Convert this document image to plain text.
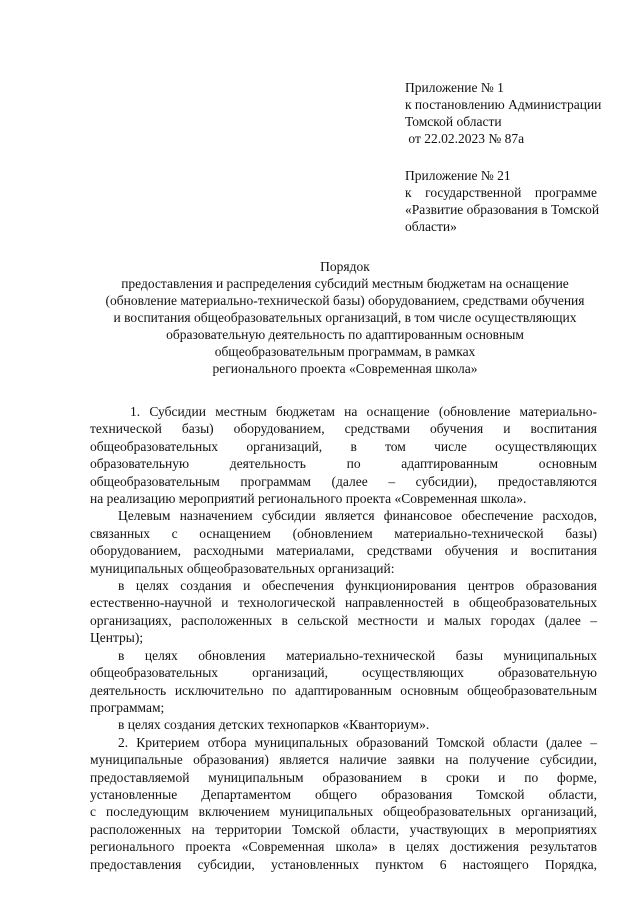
Приложение № 1
к постановлению Администрации
Томской области
от 22.02.2023 № 87а
Приложение № 21
к государственной программе
«Развитие образования в Томской
области»
Порядок
предоставления и распределения субсидий местным бюджетам на оснащение
(обновление материально-технической базы) оборудованием, средствами обучения
и воспитания общеобразовательных организаций, в том числе осуществляющих
образовательную деятельность по адаптированным основным
общеобразовательным программам, в рамках
регионального проекта «Современная школа»
1. Субсидии местным бюджетам на оснащение (обновление материально-
технической базы) оборудованием, средствами обучения и воспитания
общеобразовательных организаций, в том числе осуществляющих
образовательную деятельность по адаптированным основным
общеобразовательным программам (далее – субсидии), предоставляются
на реализацию мероприятий регионального проекта «Современная школа».
Целевым назначением субсидии является финансовое обеспечение расходов,
связанных с оснащением (обновлением материально-технической базы)
оборудованием, расходными материалами, средствами обучения и воспитания
муниципальных общеобразовательных организаций:
в целях создания и обеспечения функционирования центров образования
естественно-научной и технологической направленностей в общеобразовательных
организациях, расположенных в сельской местности и малых городах (далее –
Центры);
в целях обновления материально-технической базы муниципальных
общеобразовательных организаций, осуществляющих образовательную
деятельность исключительно по адаптированным основным общеобразовательным
программам;
в целях создания детских технопарков «Кванториум».
2. Критерием отбора муниципальных образований Томской области (далее –
муниципальные образования) является наличие заявки на получение субсидии,
предоставляемой муниципальным образованием в сроки и по форме,
установленные Департаментом общего образования Томской области,
с последующим включением муниципальных общеобразовательных организаций,
расположенных на территории Томской области, участвующих в мероприятиях
регионального проекта «Современная школа» в целях достижения результатов
предоставления субсидии, установленных пунктом 6 настоящего Порядка,
